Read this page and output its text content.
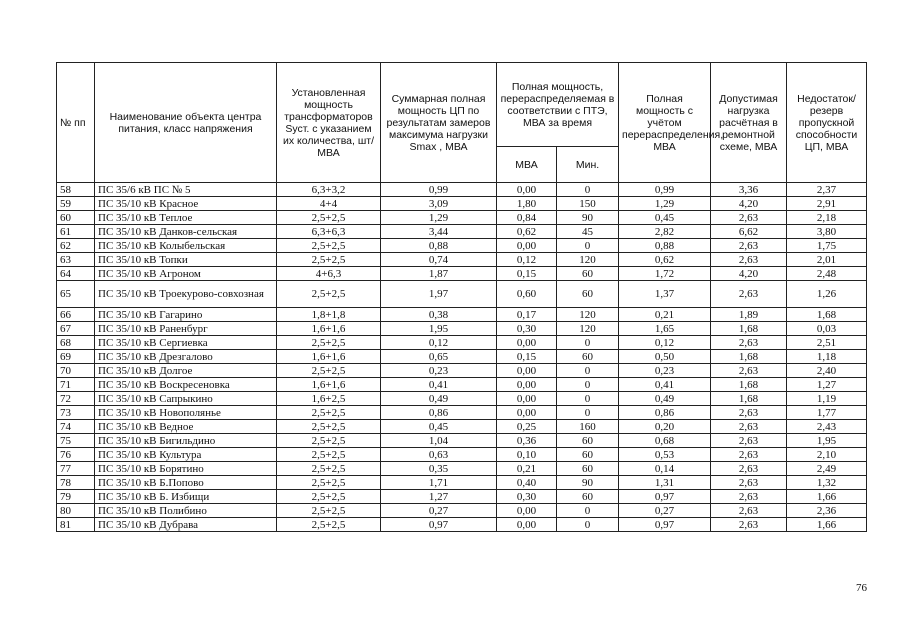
№ пп	Наименование объекта центра питания, класс напряжения	Установленная мощность трансформаторов Sуст. с указанием их количества, шт/ МВА	Суммарная полная мощность ЦП по результатам замеров максимума нагрузки Smax , МВА	Полная мощность, перераспределяемая в соответствии с ПТЭ, МВА за время		Полная мощность с учётом перераспределения, МВА	Допустимая нагрузка расчётная в ремонтной схеме, МВА	Недостаток/ резерв пропускной способности ЦП, МВА
				МВА	Мин.			
58	ПС 35/6 кВ ПС № 5	6,3+3,2	0,99	0,00	0	0,99	3,36	2,37
59	ПС 35/10 кВ Красное	4+4	3,09	1,80	150	1,29	4,20	2,91
60	ПС 35/10 кВ Теплое	2,5+2,5	1,29	0,84	90	0,45	2,63	2,18
61	ПС 35/10 кВ Данков-сельская	6,3+6,3	3,44	0,62	45	2,82	6,62	3,80
62	ПС 35/10 кВ Колыбельская	2,5+2,5	0,88	0,00	0	0,88	2,63	1,75
63	ПС 35/10 кВ Топки	2,5+2,5	0,74	0,12	120	0,62	2,63	2,01
64	ПС 35/10 кВ Агроном	4+6,3	1,87	0,15	60	1,72	4,20	2,48
65	ПС 35/10 кВ Троекурово-совхозная	2,5+2,5	1,97	0,60	60	1,37	2,63	1,26
66	ПС 35/10 кВ Гагарино	1,8+1,8	0,38	0,17	120	0,21	1,89	1,68
67	ПС 35/10 кВ Раненбург	1,6+1,6	1,95	0,30	120	1,65	1,68	0,03
68	ПС 35/10 кВ Сергиевка	2,5+2,5	0,12	0,00	0	0,12	2,63	2,51
69	ПС 35/10 кВ Дрезгалово	1,6+1,6	0,65	0,15	60	0,50	1,68	1,18
70	ПС 35/10 кВ Долгое	2,5+2,5	0,23	0,00	0	0,23	2,63	2,40
71	ПС 35/10 кВ Воскресеновка	1,6+1,6	0,41	0,00	0	0,41	1,68	1,27
72	ПС 35/10 кВ Сапрыкино	1,6+2,5	0,49	0,00	0	0,49	1,68	1,19
73	ПС 35/10 кВ Новополянье	2,5+2,5	0,86	0,00	0	0,86	2,63	1,77
74	ПС 35/10 кВ Ведное	2,5+2,5	0,45	0,25	160	0,20	2,63	2,43
75	ПС 35/10 кВ Бигильдино	2,5+2,5	1,04	0,36	60	0,68	2,63	1,95
76	ПС 35/10 кВ Культура	2,5+2,5	0,63	0,10	60	0,53	2,63	2,10
77	ПС 35/10 кВ Борятино	2,5+2,5	0,35	0,21	60	0,14	2,63	2,49
78	ПС 35/10 кВ Б.Попово	2,5+2,5	1,71	0,40	90	1,31	2,63	1,32
79	ПС 35/10 кВ Б. Избищи	2,5+2,5	1,27	0,30	60	0,97	2,63	1,66
80	ПС 35/10 кВ Полибино	2,5+2,5	0,27	0,00	0	0,27	2,63	2,36
81	ПС 35/10 кВ Дубрава	2,5+2,5	0,97	0,00	0	0,97	2,63	1,66
76
